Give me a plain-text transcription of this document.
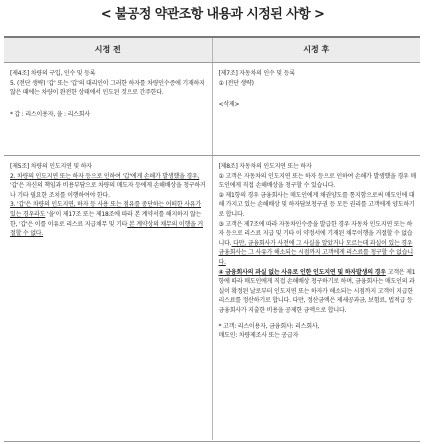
< 불공정 약관조항 내용과 시정된 사항 >
시정 전	시정 후

[제4조] 차량의 구입, 인수 및 등록

5. (전단 생략) '갑' 또는 '갑'의 대리인이 그러한 하자를 차량인수증에 기재하지 않은 때에는 차량이 완전한 상태에서 인도된 것으로 간주한다.

* 갑 : 리스이용자, 을 : 리스회사

[제7조] 자동차의 인수 및 등록

① (전단 생략)

<삭제>

[제5조] 차량의 인도지연 및 하자

2. 차량의 인도지연 또는 하자 등으로 인하여 '갑'에게 손해가 발생했을 경우, '갑'은 자신의 책임과 비용부담으로 차량의 매도자 등에게 손해배상을 청구하거나 기타 필요한 조치를 이행하여야 한다.

3. '갑'은 차량의 인도지연, 하자 등 사용 또는 점유를 중단하는 어떠한 사유가 있는 경우라도 '을'이 제17조 또는 제18조에 따라 본 계약서를 해지하지 않는 한, '갑'은 이를 이유로 리스료 지급채무 및 기타 본 계약상의 채무의 이행을 거절할 수 없다.

[제8조] 자동차의 인도지연 또는 하자

① 고객은 자동차의 인도지연 또는 하자 등으로 인하여 손해가 발생했을 경우 매도인에게 직접 손해배상을 청구할 수 있습니다.

② 제1항의 경우 금융회사는 매도인에게 채권양도를 통지함으로써 매도인에 대해 가지고 있는 손해배상 및 하자담보청구권 등 모든 권리를 고객에게 양도하기로 합니다.

③ 고객은 제7조에 따라 자동차인수증을 발급한 경우 자동차 인도지연 또는 하자 등으로 리스료 지급 및 기타 이 약정서에 기재된 채무이행을 거절할 수 없습니다. 다만, 금융회사가 사전에 그 사실을 알았거나 모르는데 과실이 있는 경우 금융회사는 그 사유가 해소되는 시점까지 고객에게 리스료를 청구할 수 없습니다.

④ 금융회사의 과실 없는 사유로 인한 인도지연 및 하자발생의 경우 고객은 제1항에 따라 매도인에게 직접 손해배상 청구하기로 하며, 금융회사는 매도인의 과실이 확정된 날로부터 인도지연 또는 하자가 해소되는 시점까지 고객이 지급한 리스료를 정산하기로 합니다. 다만, 정산금액은 제세공과금, 보험료, 법적급 등 금융회사가 지출한 비용을 공제한 금액으로 합니다.

* 고객: 리스이용자, 금융회사: 리스회사,

매도인: 차량제조사 또는 공급자
